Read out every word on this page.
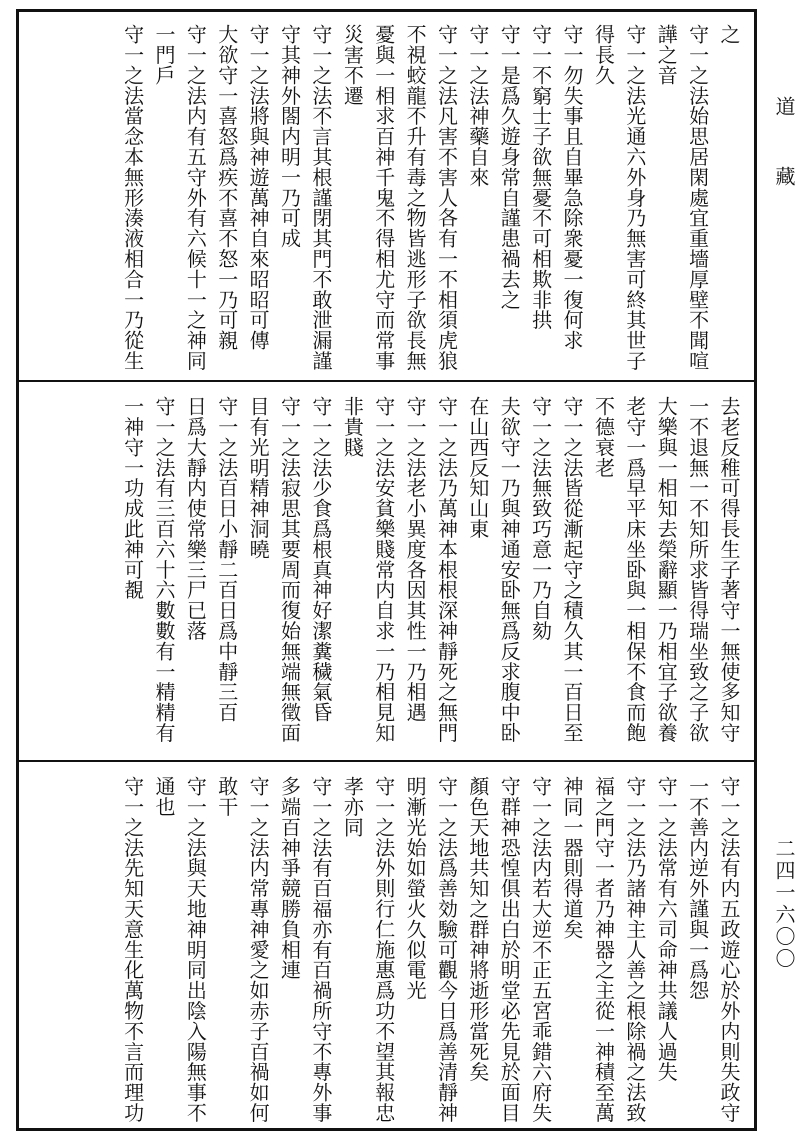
之
守一之法始思居閑處宜重墻厚壁不聞喧
譁之音
守一之法光通六外身乃無害可終其世子
得長久
守一勿失事且自畢急除衆憂一復何求
守一不窮士子欲無憂不可相欺非拱
守一是爲久遊身常自謹患禍去之
守一之法神藥自來
守一之法凡害不害人各有一不相須虎狼
不視蛟龍不升有毒之物皆逃形子欲長無
憂與一相求百神千鬼不得相尤守而常事
災害不遷
守一之法不言其根謹閉其門不敢泄漏謹
守其神外閤内明一乃可成
守一之法將與神遊萬神自來昭昭可傳
大欲守一喜怒爲疾不喜不怒一乃可親
守一之法内有五守外有六候十一之神同
一門戶
守一之法當念本無形湊液相合一乃從生
去老反稚可得長生子著守一無使多知守
一不退無一不知所求皆得瑞坐致之子欲
大樂與一相知去榮辭顯一乃相宜子欲養
老守一爲早平床坐卧與一相保不食而飽
不德衰老
守一之法皆從漸起守之積久其一百日至
守一之法無致巧意一乃自劾
夫欲守一乃與神通安卧無爲反求腹中卧
在山西反知山東
守一之法乃萬神本根根深神靜死之無門
守一之法老小異度各因其性一乃相遇
守一之法安貧樂賤常内自求一乃相見知
非貴賤
守一之法少食爲根真神好潔糞穢氣昏
守一之法寂思其要周而復始無端無徵面
目有光明精神洞曉
守一之法百日小靜二百日爲中靜三百
日爲大靜内使常樂三尸已落
守一之法有三百六十六數數有一精精有
一神守一功成此神可覩
守一之法有内五政遊心於外内則失政守
一不善内逆外謹與一爲怨
守一之法常有六司命神共議人過失
守一之法乃諸神主人善之根除禍之法致
福之門守一者乃神器之主從一神積至萬
神同一器則得道矣
守一之法内若大逆不正五宮乖錯六府失
守群神恐惶俱出白於明堂必先見於面目
顏色天地共知之群神將逝形當死矣
守一之法爲善効驗可觀今日爲善清靜神
明漸光始如螢火久似電光
守一之法外則行仁施惠爲功不望其報忠
孝亦同
守一之法有百福亦有百禍所守不專外事
多端百神爭競勝負相連
守一之法内常專神愛之如赤子百禍如何
敢干
守一之法與天地神明同出陰入陽無事不
通也
守一之法先知天意生化萬物不言而理功
道藏
二四一六〇〇
